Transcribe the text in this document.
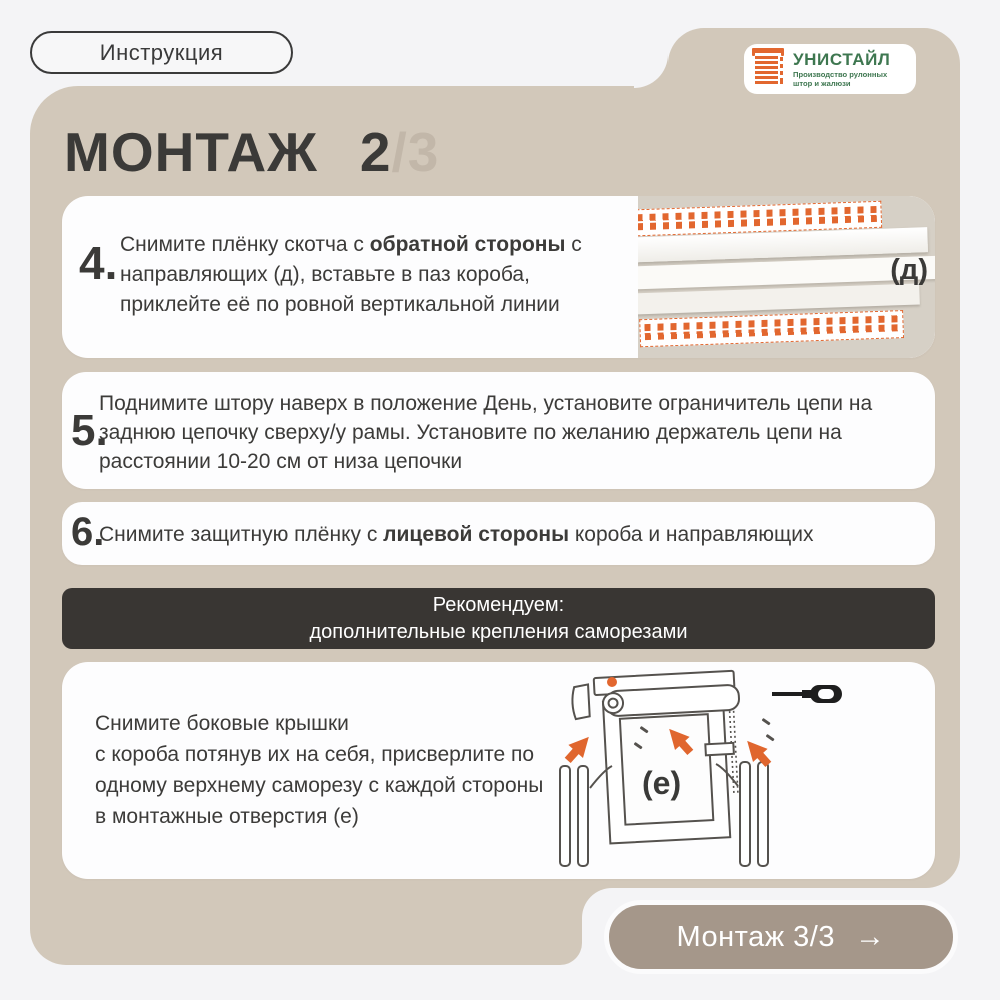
Инструкция	УНИСТАЙЛ
Производство рулонных штор и жалюзи
МОНТАЖ 2 /3
4. Снимите плёнку скотча с обратной стороны с направляющих (д), вставьте в паз короба, приклейте её по ровной вертикальной линии
(д)
5.
Поднимите штору наверх в положение День, установите ограничитель цепи на заднюю цепочку сверху/у рамы. Установите по желанию держатель цепи на расстоянии 10-20 см от низа цепочки
6.
Снимите защитную плёнку с лицевой стороны короба и направляющих
Рекомендуем:
дополнительные крепления саморезами
Снимите боковые крышки
с короба потянув их на себя, присверлите по одному верхнему саморезу с каждой стороны в монтажные отверстия (е)
(e)
Монтаж 3/3 →
